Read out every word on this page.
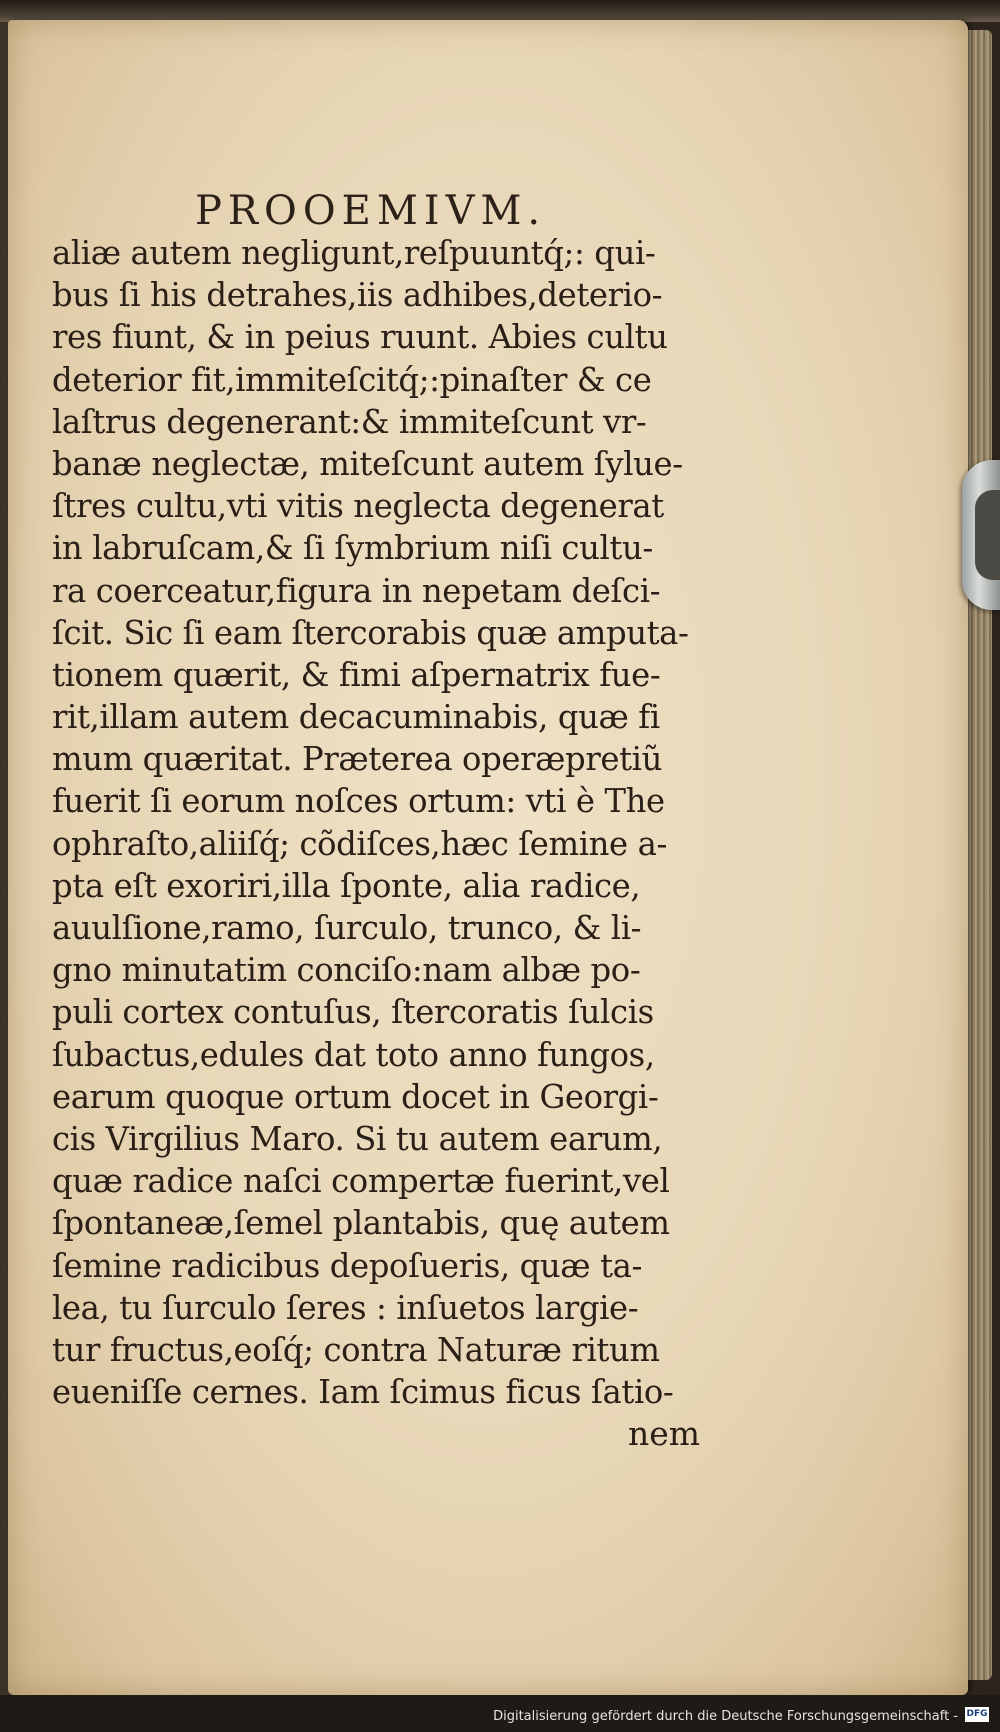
PROOEMIVM.
aliæ autem negligunt,reſpuuntq́;: qui-
bus ſi his detrahes,iis adhibes,deterio-
res fiunt, & in peius ruunt. Abies cultu
deterior fit,immiteſcitq́;:pinaſter & ce
laſtrus degenerant:& immiteſcunt vr-
banæ neglectæ, miteſcunt autem ſylue-
ſtres cultu,vti vitis neglecta degenerat
in labruſcam,& ſi ſymbrium niſi cultu-
ra coerceatur,figura in nepetam deſci-
ſcit. Sic ſi eam ſtercorabis quæ amputa-
tionem quærit, & fimi aſpernatrix fue-
rit,illam autem decacuminabis, quæ fi
mum quæritat. Præterea operæpretiũ
fuerit ſi eorum noſces ortum: vti è The
ophraſto,aliiſq́; cõdiſces,hæc ſemine a-
pta eſt exoriri,illa ſponte, alia radice,
auulſione,ramo, ſurculo, trunco, & li-
gno minutatim conciſo:nam albæ po-
puli cortex contuſus, ſtercoratis ſulcis
ſubactus,edules dat toto anno fungos,
earum quoque ortum docet in Georgi-
cis Virgilius Maro. Si tu autem earum,
quæ radice naſci compertæ fuerint,vel
ſpontaneæ,ſemel plantabis, quę autem
ſemine radicibus depoſueris, quæ ta-
lea, tu ſurculo ſeres : inſuetos largie-
tur fructus,eoſq́; contra Naturæ ritum
eueniſſe cernes. Iam ſcimus ficus ſatio-
nem
Digitalisierung gefördert durch die Deutsche Forschungsgemeinschaft - DFG
